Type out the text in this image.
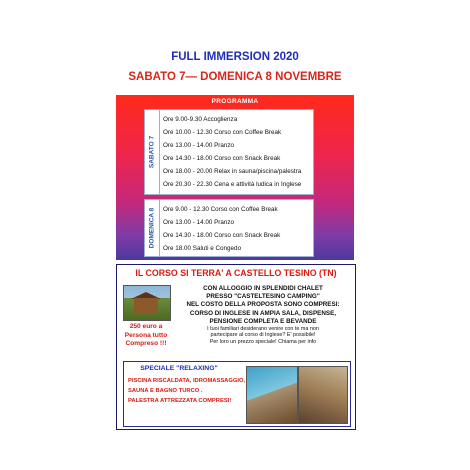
FULL IMMERSION 2020
SABATO 7— DOMENICA 8 NOVEMBRE
PROGRAMMA
SABATO 7
Ore 9.00-9.30 Accoglienza
Ore 10.00 - 12.30 Corso con Coffee Break
Ore 13.00 - 14.00 Pranzo
Ore 14.30 - 18.00 Corso con Snack Break
Ore 18.00 - 20.00 Relax in sauna/piscina/palestra
Ore 20.30 - 22.30 Cena e attività ludica in Inglese
DOMENICA 8 Ore 9.00 - 12.30 Corso con Coffee Break
Ore 13.00 - 14.00 Pranzo
Ore 14.30 - 18.00 Corso con Snack Break
Ore 18.00 Saluti e Congedo
IL CORSO SI TERRA' A CASTELLO TESINO (TN)
250 euro a
Persona tutto
Compreso !!!
CON ALLOGGIO IN SPLENDIDI CHALET
PRESSO "CASTELTESINO CAMPING"
NEL COSTO DELLA PROPOSTA SONO COMPRESI:
CORSO DI INGLESE IN AMPIA SALA, DISPENSE,
PENSIONE COMPLETA E BEVANDE
I tuoi familiari desiderano venire con te ma non
partecipare al corso di Inglese? E' possibile!
Per loro un prezzo speciale! Chiama per info
SPECIALE "RELAXING"
PISCINA RISCALDATA, IDROMASSAGGIO,
SAUNA E BAGNO TURCO .
PALESTRA ATTREZZATA COMPRESI!
